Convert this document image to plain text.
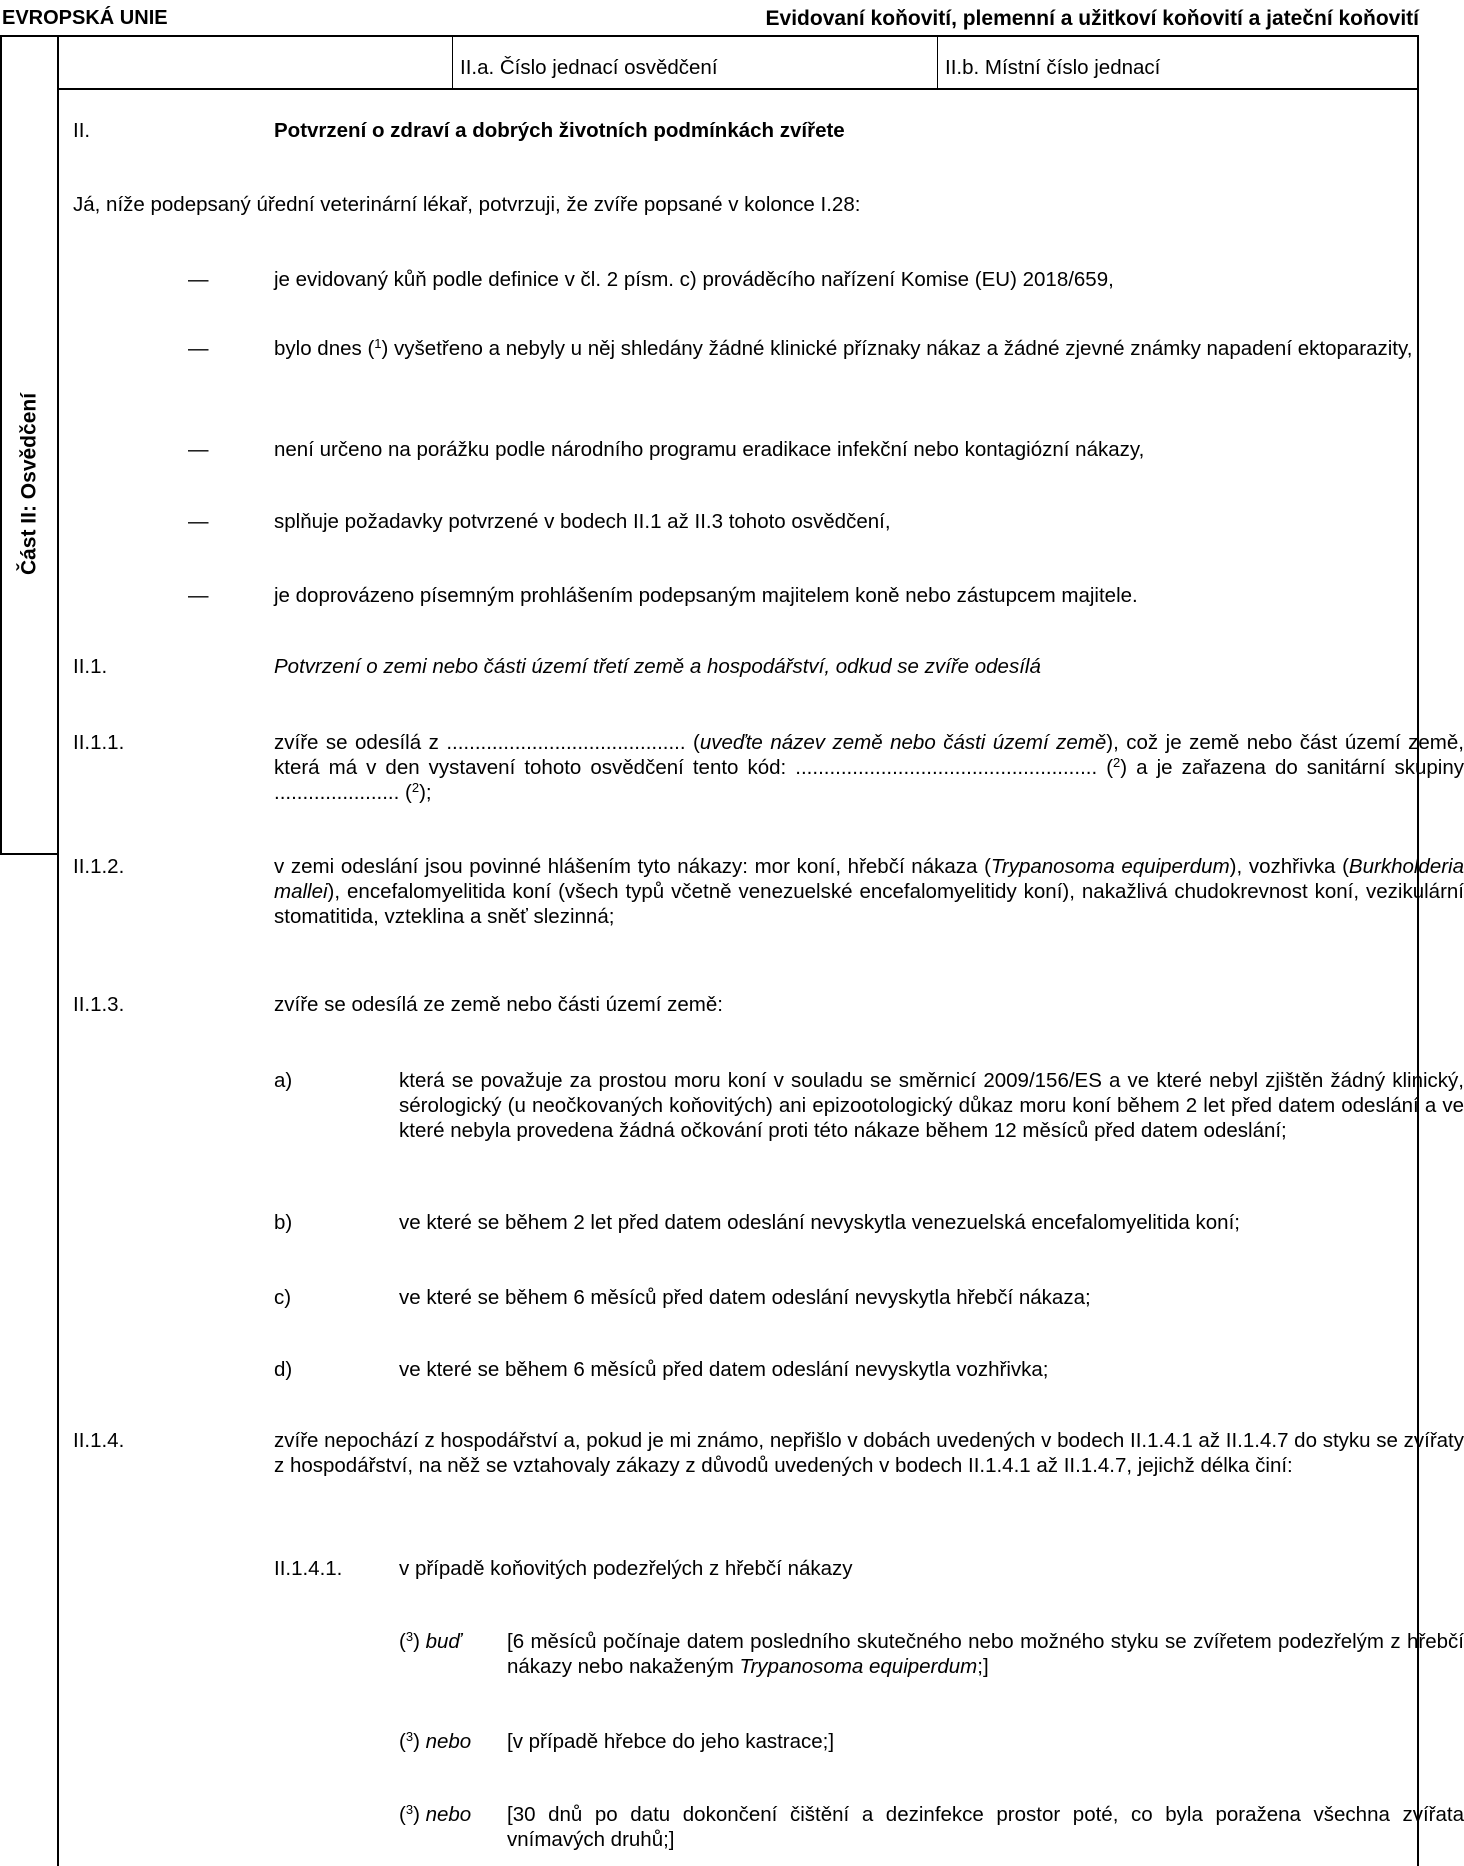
EVROPSKÁ UNIE	Evidovaní koňovití, plemenní a užitkoví koňovití a jateční koňovití
Část II: Osvědčení
II.a. Číslo jednací osvědčení	II.b. Místní číslo jednací
II.	Potvrzení o zdraví a dobrých životních podmínkách zvířete
Já, níže podepsaný úřední veterinární lékař, potvrzuji, že zvíře popsané v kolonce I.28:
—	je evidovaný kůň podle definice v čl. 2 písm. c) prováděcího nařízení Komise (EU) 2018/659,
—	bylo dnes ($^1$) vyšetřeno a nebyly u něj shledány žádné klinické příznaky nákaz a žádné zjevné známky napadení ektoparazity,
—	není určeno na porážku podle národního programu eradikace infekční nebo kontagiózní nákazy,
—	splňuje požadavky potvrzené v bodech II.1 až II.3 tohoto osvědčení,
—	je doprovázeno písemným prohlášením podepsaným majitelem koně nebo zástupcem majitele.
II.1.	Potvrzení o zemi nebo části území třetí země a hospodářství, odkud se zvíře odesílá
II.1.1.	zvíře se odesílá z .......................................... (uveďte název země nebo části území země), což je země nebo část území země, která má v den vystavení tohoto osvědčení tento kód: ..................................................... ($^2$) a je zařazena do sanitární skupiny ...................... ($^2$);
II.1.2.	v zemi odeslání jsou povinné hlášením tyto nákazy: mor koní, hřebčí nákaza (Trypanosoma equiperdum), vozhřivka (Burkholderia mallei), encefalomyelitida koní (všech typů včetně venezuelské encefalomyelitidy koní), nakažlivá chudokrevnost koní, vezikulární stomatitida, vzteklina a sněť slezinná;
II.1.3.	zvíře se odesílá ze země nebo části území země:
a)	která se považuje za prostou moru koní v souladu se směrnicí 2009/156/ES a ve které nebyl zjištěn žádný klinický, sérologický (u neočkovaných koňovitých) ani epizootologický důkaz moru koní během 2 let před datem odeslání a ve které nebyla provedena žádná očkování proti této nákaze během 12 měsíců před datem odeslání;
b)	ve které se během 2 let před datem odeslání nevyskytla venezuelská encefalomyelitida koní;
c)	ve které se během 6 měsíců před datem odeslání nevyskytla hřebčí nákaza;
d)	ve které se během 6 měsíců před datem odeslání nevyskytla vozhřivka;
II.1.4.	zvíře nepochází z hospodářství a, pokud je mi známo, nepřišlo v dobách uvedených v bodech II.1.4.1 až II.1.4.7 do styku se zvířaty z hospodářství, na něž se vztahovaly zákazy z důvodů uvedených v bodech II.1.4.1 až II.1.4.7, jejichž délka činí:
II.1.4.1.	v případě koňovitých podezřelých z hřebčí nákazy
($^3$) buď	[6 měsíců počínaje datem posledního skutečného nebo možného styku se zvířetem podezřelým z hřebčí nákazy nebo nakaženým Trypanosoma equiperdum;]
($^3$) nebo	[v případě hřebce do jeho kastrace;]
($^3$) nebo	[30 dnů po datu dokončení čištění a dezinfekce prostor poté, co byla poražena všechna zvířata vnímavých druhů;]
